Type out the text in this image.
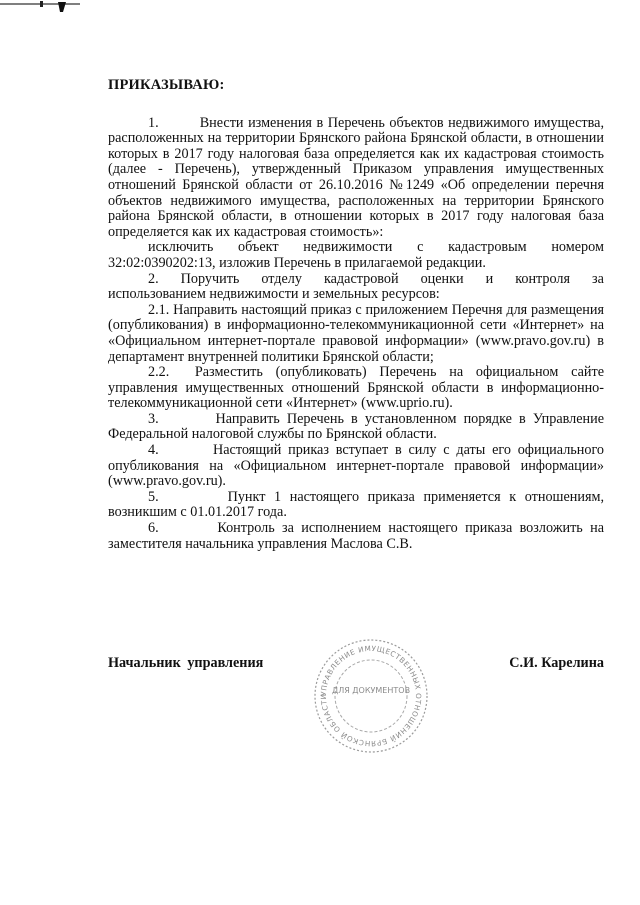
ПРИКАЗЫВАЮ:

1.         Внести изменения в Перечень объектов недвижимого имущества, расположенных на территории Брянского района Брянской области, в отношении которых в 2017 году налоговая база определяется как их кадастровая стоимость (далее - Перечень), утвержденный Приказом управления имущественных отношений Брянской области от 26.10.2016 №1249 «Об определении перечня объектов недвижимого имущества, расположенных на территории Брянского района Брянской области, в отношении которых в 2017 году налоговая база определяется как их кадастровая стоимость»:

исключить объект недвижимости с кадастровым номером

32:02:0390202:13, изложив Перечень в прилагаемой редакции.

2. Поручить отделу кадастровой оценки и контроля за

использованием недвижимости и земельных ресурсов:

2.1. Направить настоящий приказ с приложением Перечня для размещения (опубликования) в информационно-телекоммуникационной сети «Интернет» на «Официальном интернет-портале правовой информации» (www.pravo.gov.ru) в департамент внутренней политики Брянской области;

2.2.  Разместить (опубликовать) Перечень на официальном сайте управления имущественных отношений Брянской области в информационно-телекоммуникационной сети «Интернет» (www.uprio.ru).

3.        Направить Перечень в установленном порядке в Управление Федеральной налоговой службы по Брянской области.

4.        Настоящий приказ вступает в силу с даты его официального опубликования на «Официальном интернет-портале правовой информации» (www.pravo.gov.ru).

5.        Пункт 1 настоящего приказа применяется к отношениям, возникшим с 01.01.2017 года.

6.        Контроль за исполнением настоящего приказа возложить на заместителя начальника управления Маслова С.В.

Начальник управления	С.И. Карелина
УПРАВЛЕНИЕ ИМУЩЕСТВЕННЫХ ОТНОШЕНИЙ БРЯНСКОЙ ОБЛАСТИ
ДЛЯ ДОКУМЕНТОВ
